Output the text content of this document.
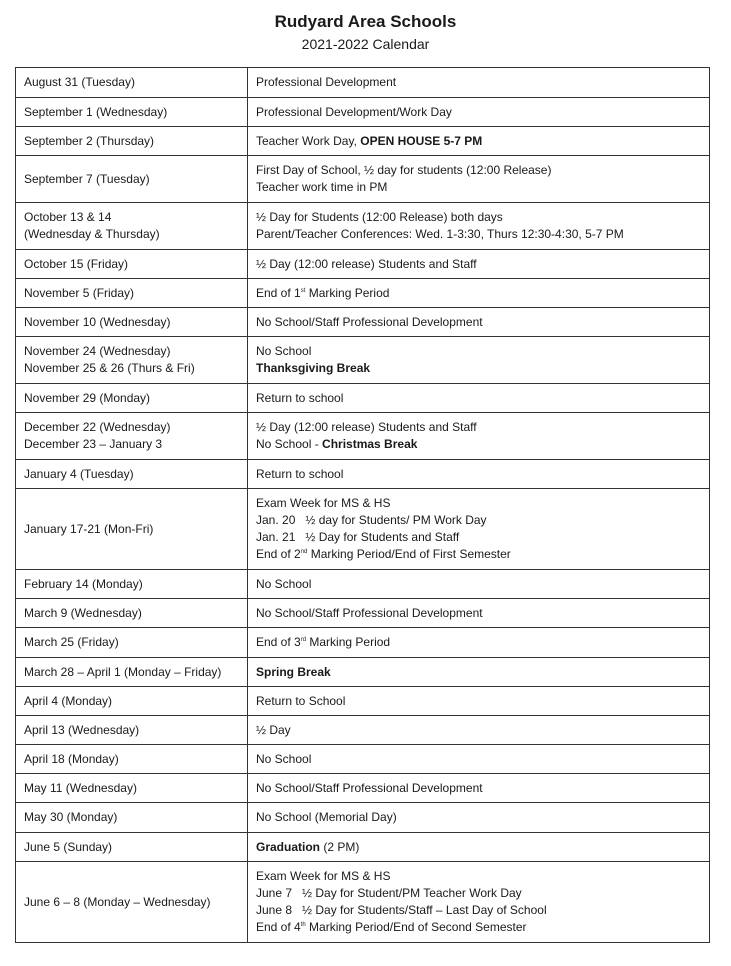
Rudyard Area Schools
2021-2022 Calendar
August 31 (Tuesday)	Professional Development

September 1 (Wednesday)	Professional Development/Work Day

September 2 (Thursday)	Teacher Work Day, OPEN HOUSE 5-7 PM

September 7 (Tuesday)	First Day of School, ½ day for students (12:00 Release)
Teacher work time in PM

October 13 & 14
(Wednesday & Thursday)	½ Day for Students (12:00 Release) both days
Parent/Teacher Conferences: Wed. 1-3:30, Thurs 12:30-4:30, 5-7 PM

October 15 (Friday)	½ Day (12:00 release) Students and Staff

November 5 (Friday)	End of 1st Marking Period

November 10 (Wednesday)	No School/Staff Professional Development

November 24 (Wednesday)
November 25 & 26 (Thurs & Fri)	No School
Thanksgiving Break

November 29 (Monday)	Return to school

December 22 (Wednesday)
December 23 – January 3	½ Day (12:00 release) Students and Staff
No School - Christmas Break

January 4 (Tuesday)	Return to school

January 17-21 (Mon-Fri)	Exam Week for MS & HS
Jan. 20 ½ day for Students/ PM Work Day
Jan. 21 ½ Day for Students and Staff
End of 2nd Marking Period/End of First Semester

February 14 (Monday)	No School

March 9 (Wednesday)	No School/Staff Professional Development

March 25 (Friday)	End of 3rd Marking Period

March 28 – April 1 (Monday – Friday)	Spring Break

April 4 (Monday)	Return to School

April 13 (Wednesday)	½ Day

April 18 (Monday)	No School

May 11 (Wednesday)	No School/Staff Professional Development

May 30 (Monday)	No School (Memorial Day)

June 5 (Sunday)	Graduation (2 PM)

June 6 – 8 (Monday – Wednesday)	Exam Week for MS & HS
June 7 ½ Day for Student/PM Teacher Work Day
June 8 ½ Day for Students/Staff – Last Day of School
End of 4th Marking Period/End of Second Semester
